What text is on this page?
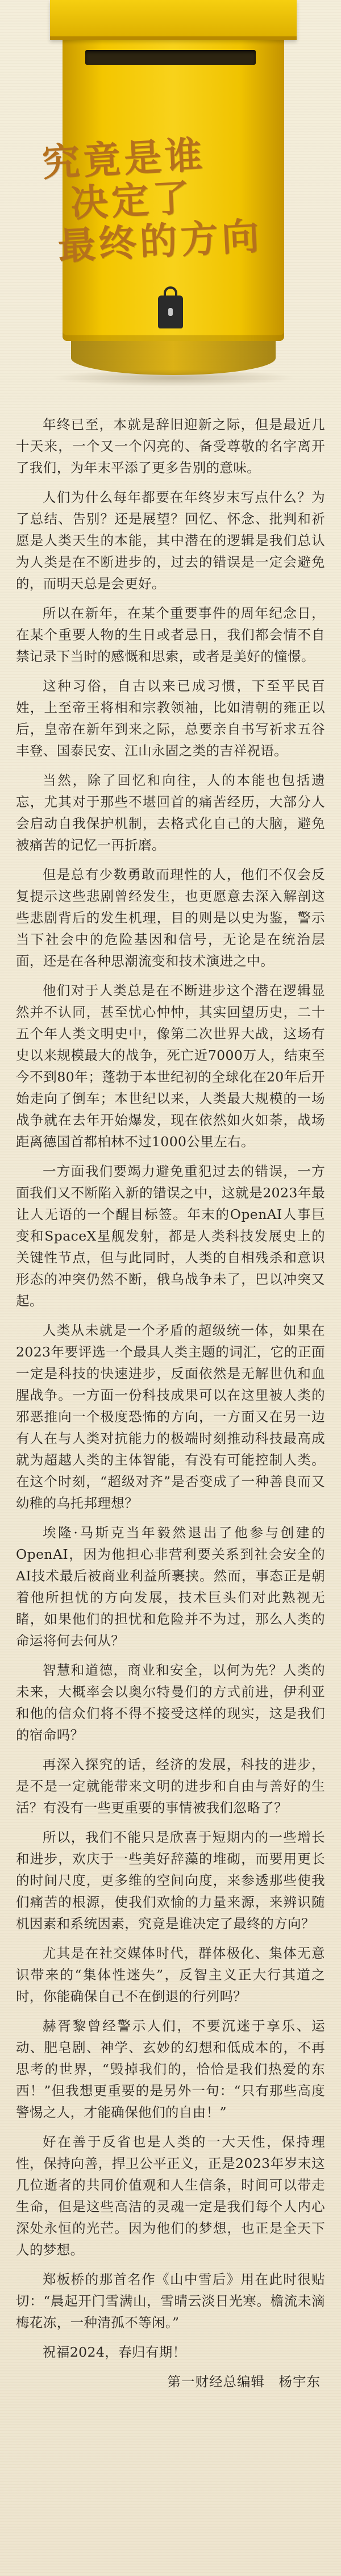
究竟是谁
决定了
最终的方向

年终已至，本就是辞旧迎新之际，但是最近几十天来，一个又一个闪亮的、备受尊敬的名字离开了我们，为年末平添了更多告别的意味。

人们为什么每年都要在年终岁末写点什么？为了总结、告别？还是展望？回忆、怀念、批判和祈愿是人类天生的本能，其中潜在的逻辑是我们总认为人类是在不断进步的，过去的错误是一定会避免的，而明天总是会更好。

所以在新年，在某个重要事件的周年纪念日，在某个重要人物的生日或者忌日，我们都会情不自禁记录下当时的感慨和思索，或者是美好的憧憬。

这种习俗，自古以来已成习惯，下至平民百姓，上至帝王将相和宗教领袖，比如清朝的雍正以后，皇帝在新年到来之际，总要亲自书写祈求五谷丰登、国泰民安、江山永固之类的吉祥祝语。

当然，除了回忆和向往，人的本能也包括遗忘，尤其对于那些不堪回首的痛苦经历，大部分人会启动自我保护机制，去格式化自己的大脑，避免被痛苦的记忆一再折磨。

但是总有少数勇敢而理性的人，他们不仅会反复提示这些悲剧曾经发生，也更愿意去深入解剖这些悲剧背后的发生机理，目的则是以史为鉴，警示当下社会中的危险基因和信号，无论是在统治层面，还是在各种思潮流变和技术演进之中。

他们对于人类总是在不断进步这个潜在逻辑显然并不认同，甚至忧心忡忡，其实回望历史，二十五个年人类文明史中，像第二次世界大战，这场有史以来规模最大的战争，死亡近7000万人，结束至今不到80年；蓬勃于本世纪初的全球化在20年后开始走向了倒车；本世纪以来，人类最大规模的一场战争就在去年开始爆发，现在依然如火如荼，战场距离德国首都柏林不过1000公里左右。

一方面我们要竭力避免重犯过去的错误，一方面我们又不断陷入新的错误之中，这就是2023年最让人无语的一个醒目标签。年末的OpenAI人事巨变和SpaceX星舰发射，都是人类科技发展史上的关键性节点，但与此同时，人类的自相残杀和意识形态的冲突仍然不断，俄乌战争未了，巴以冲突又起。

人类从未就是一个矛盾的超级统一体，如果在2023年要评选一个最具人类主题的词汇，它的正面一定是科技的快速进步，反面依然是无解世仇和血腥战争。一方面一份科技成果可以在这里被人类的邪恶推向一个极度恐怖的方向，一方面又在另一边有人在与人类对抗能力的极端时刻推动科技最高成就为超越人类的主体智能，有没有可能控制人类。在这个时刻，“超级对齐”是否变成了一种善良而又幼稚的乌托邦理想？

埃隆·马斯克当年毅然退出了他参与创建的OpenAI，因为他担心非营利要关系到社会安全的AI技术最后被商业利益所裹挟。然而，事态正是朝着他所担忧的方向发展，技术巨头们对此熟视无睹，如果他们的担忧和危险并不为过，那么人类的命运将何去何从？

智慧和道德，商业和安全，以何为先？人类的未来，大概率会以奥尔特曼们的方式前进，伊利亚和他的信众们将不得不接受这样的现实，这是我们的宿命吗？

再深入探究的话，经济的发展，科技的进步，是不是一定就能带来文明的进步和自由与善好的生活？有没有一些更重要的事情被我们忽略了？

所以，我们不能只是欣喜于短期内的一些增长和进步，欢庆于一些美好辞藻的堆砌，而要用更长的时间尺度，更多维的空间向度，来参透那些使我们痛苦的根源，使我们欢愉的力量来源，来辨识随机因素和系统因素，究竟是谁决定了最终的方向？

尤其是在社交媒体时代，群体极化、集体无意识带来的“集体性迷失”，反智主义正大行其道之时，你能确保自己不在倒退的行列吗？

赫胥黎曾经警示人们，不要沉迷于享乐、运动、肥皂剧、神学、玄妙的幻想和低成本的，不再思考的世界，“毁掉我们的，恰恰是我们热爱的东西！”但我想更重要的是另外一句：“只有那些高度警惕之人，才能确保他们的自由！”

好在善于反省也是人类的一大天性，保持理性，保持向善，捍卫公平正义，正是2023年岁末这几位逝者的共同价值观和人生信条，时间可以带走生命，但是这些高洁的灵魂一定是我们每个人内心深处永恒的光芒。因为他们的梦想，也正是全天下人的梦想。

郑板桥的那首名作《山中雪后》用在此时很贴切：“晨起开门雪满山，雪晴云淡日光寒。檐流未滴梅花冻，一种清孤不等闲。”

祝福2024，春归有期！

第一财经总编辑　杨宇东
